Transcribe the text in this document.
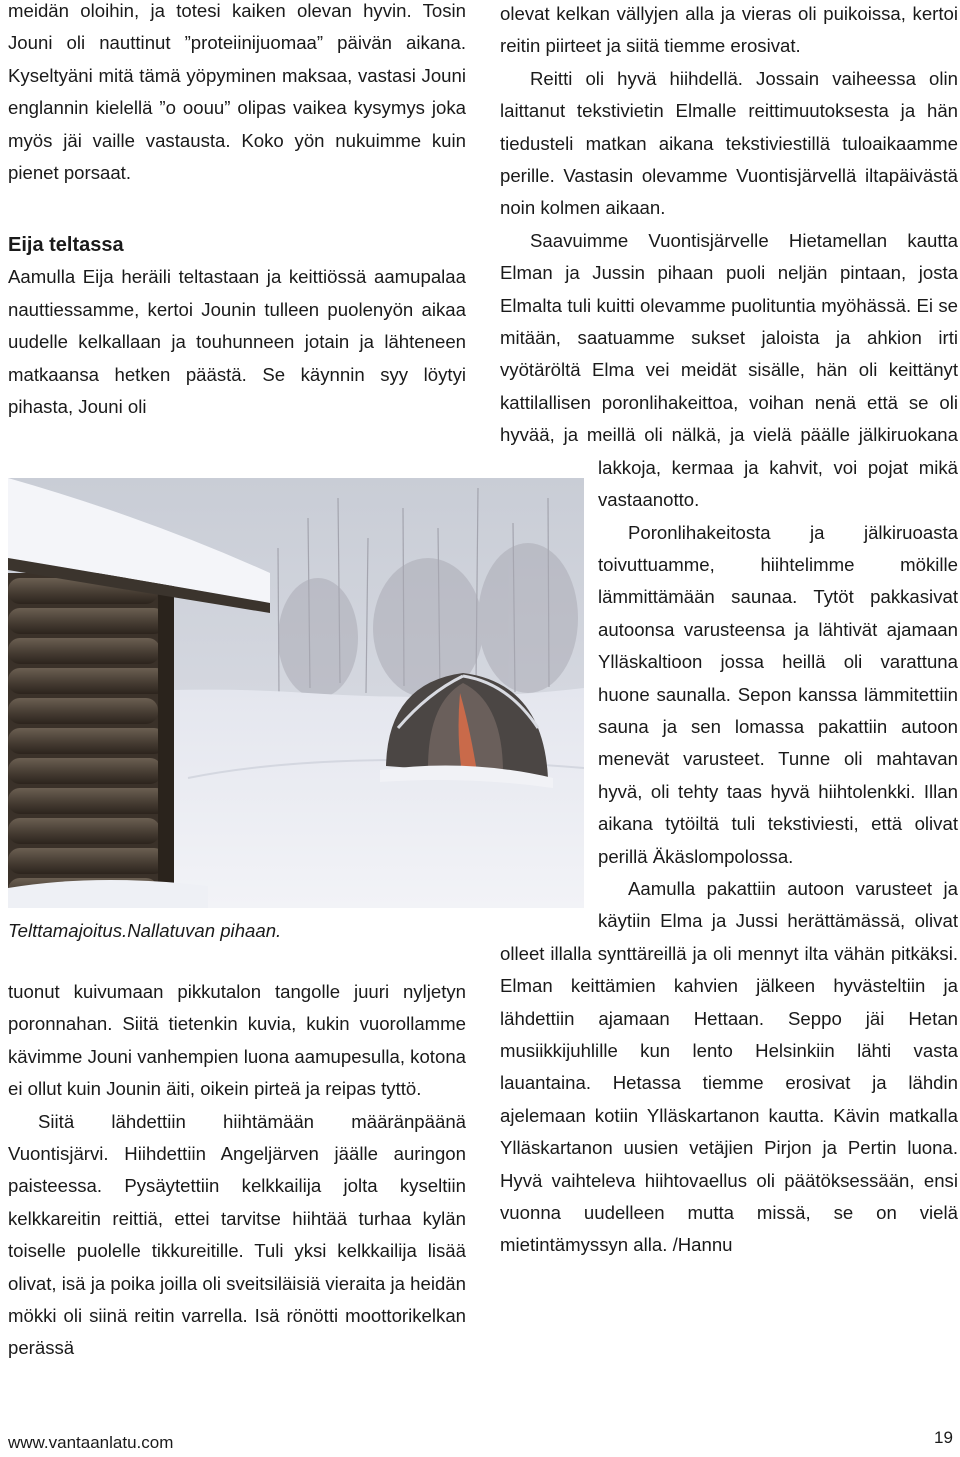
meidän oloihin, ja totesi kaiken olevan hyvin. Tosin Jouni oli nauttinut ”proteiinijuomaa” päivän aikana. Kyseltyäni mitä tämä yöpyminen maksaa, vastasi Jouni englannin kielellä ”o oouu” olipas vaikea kysymys joka myös jäi vaille vastausta. Koko yön nukuimme kuin pienet porsaat.

Eija teltassa

Aamulla Eija heräili teltastaan ja keittiössä aamupalaa nauttiessamme, kertoi Jounin tulleen puolenyön aikaa uudelle kelkallaan ja touhunneen jotain ja lähteneen matkaansa hetken päästä. Se käynnin syy löytyi pihasta, Jouni oli

Telttamajoitus.Nallatuvan pihaan.

tuonut kuivumaan pikkutalon tangolle juuri nyljetyn poronnahan. Siitä tietenkin kuvia, kukin vuorollamme kävimme Jouni vanhempien luona aamupesulla, kotona ei ollut kuin Jounin äiti, oikein pirteä ja reipas tyttö.

Siitä lähdettiin hiihtämään määränpäänä Vuontisjärvi. Hiihdettiin Angeljärven jäälle auringon paisteessa. Pysäytettiin kelkkailija jolta kyseltiin kelkkareitin reittiä, ettei tarvitse hiihtää turhaa kylän toiselle puolelle tikkureitille. Tuli yksi kelkkailija lisää olivat, isä ja poika joilla oli sveitsiläisiä vieraita ja heidän mökki oli siinä reitin varrella. Isä rönötti moottorikelkan perässä

olevat kelkan vällyjen alla ja vieras oli puikoissa, kertoi reitin piirteet ja siitä tiemme erosivat.

Reitti oli hyvä hiihdellä. Jossain vaiheessa olin laittanut tekstivietin Elmalle reittimuutoksesta ja hän tiedusteli matkan aikana tekstiviestillä tuloaikaamme perille. Vastasin olevamme Vuontisjärvellä iltapäivästä noin kolmen aikaan.

Saavuimme Vuontisjärvelle Hietamellan kautta Elman ja Jussin pihaan puoli neljän pintaan, josta Elmalta tuli kuitti olevamme puolituntia myöhässä. Ei se mitään, saatuamme sukset jaloista ja ahkion irti vyötäröltä Elma vei meidät sisälle, hän oli keittänyt kattilallisen poronlihakeittoa, voihan nenä että se oli hyvää, ja meillä oli nälkä, ja vielä päälle jälkiruokana lakkoja, kermaa ja kahvit, voi pojat mikä vastaanotto.

Poronlihakeitosta ja jälkiruoasta toivuttuamme, hiihtelimme mökille lämmittämään saunaa. Tytöt pakkasivat autoonsa varusteensa ja lähtivät ajamaan Ylläskaltioon jossa heillä oli varattuna huone saunalla. Sepon kanssa lämmitettiin sauna ja sen lomassa pakattiin autoon menevät varusteet. Tunne oli mahtavan hyvä, oli tehty taas hyvä hiihtolenkki. Illan aikana tytöiltä tuli tekstiviesti, että olivat perillä Äkäslompolossa.

Aamulla pakattiin autoon varusteet ja käytiin Elma ja Jussi herättämässä, olivat olleet illalla synttäreillä ja oli mennyt ilta vähän pitkäksi. Elman keittämien kahvien jälkeen hyvästeltiin ja lähdettiin ajamaan Hettaan. Seppo jäi Hetan musiikkijuhlille kun lento Helsinkiin lähti vasta lauantaina. Hetassa tiemme erosivat ja lähdin ajelemaan kotiin Ylläskartanon kautta. Kävin matkalla Ylläskartanon uusien vetäjien Pirjon ja Pertin luona. Hyvä vaihteleva hiihtovaellus oli päätöksessään, ensi vuonna uudelleen mutta missä, se on vielä mietintämyssyn alla. /Hannu

www.vantaanlatu.com	19
